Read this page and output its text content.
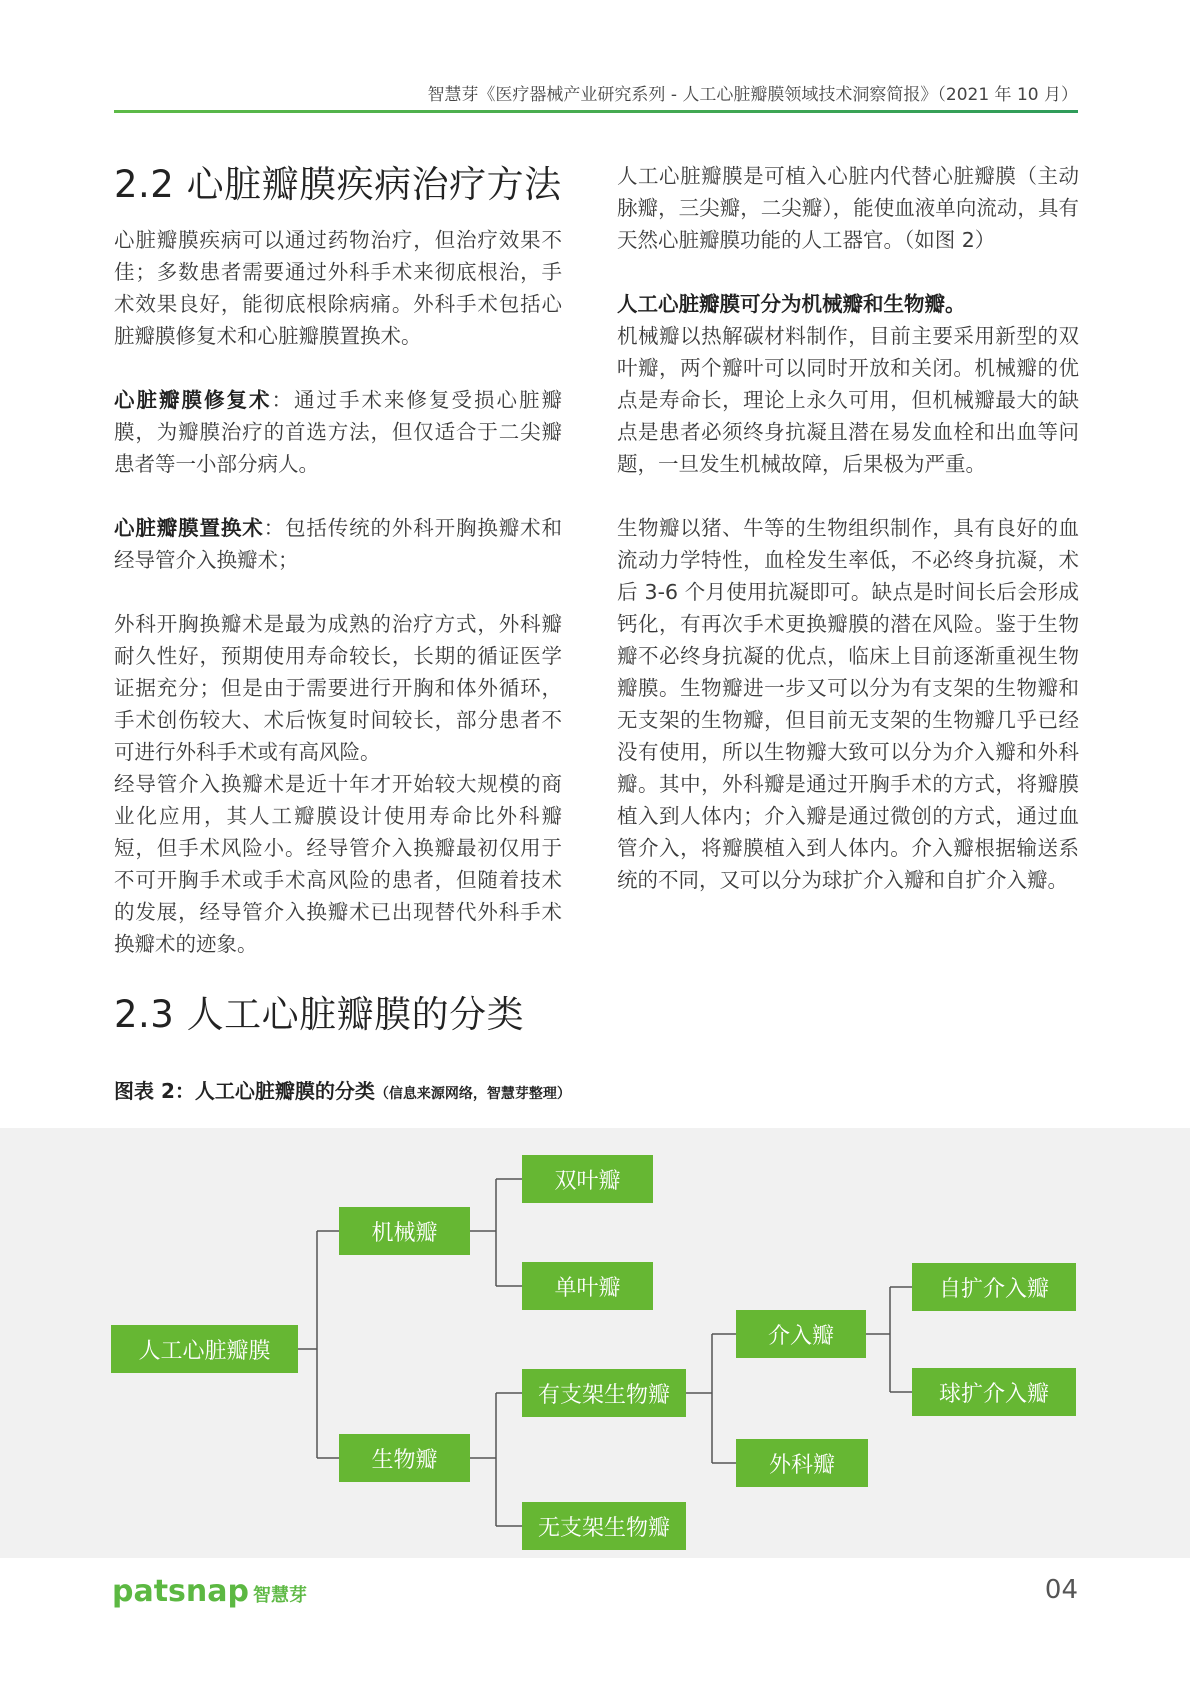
智慧芽《医疗器械产业研究系列 - 人工心脏瓣膜领域技术洞察简报》（2021 年 10 月）
2.2 心脏瓣膜疾病治疗方法

心脏瓣膜疾病可以通过药物治疗，但治疗效果不佳；多数患者需要通过外科手术来彻底根治，手术效果良好，能彻底根除病痛。外科手术包括心脏瓣膜修复术和心脏瓣膜置换术。

心脏瓣膜修复术：通过手术来修复受损心脏瓣膜，为瓣膜治疗的首选方法，但仅适合于二尖瓣患者等一小部分病人。

心脏瓣膜置换术：包括传统的外科开胸换瓣术和经导管介入换瓣术；

外科开胸换瓣术是最为成熟的治疗方式，外科瓣耐久性好，预期使用寿命较长，长期的循证医学证据充分；但是由于需要进行开胸和体外循环，手术创伤较大、术后恢复时间较长，部分患者不可进行外科手术或有高风险。

经导管介入换瓣术是近十年才开始较大规模的商业化应用，其人工瓣膜设计使用寿命比外科瓣短，但手术风险小。经导管介入换瓣最初仅用于不可开胸手术或手术高风险的患者，但随着技术的发展，经导管介入换瓣术已出现替代外科手术换瓣术的迹象。

人工心脏瓣膜是可植入心脏内代替心脏瓣膜（主动脉瓣，三尖瓣，二尖瓣），能使血液单向流动，具有天然心脏瓣膜功能的人工器官。（如图 2）

人工心脏瓣膜可分为机械瓣和生物瓣。

机械瓣以热解碳材料制作，目前主要采用新型的双叶瓣，两个瓣叶可以同时开放和关闭。机械瓣的优点是寿命长，理论上永久可用，但机械瓣最大的缺点是患者必须终身抗凝且潜在易发血栓和出血等问题，一旦发生机械故障，后果极为严重。

生物瓣以猪、牛等的生物组织制作，具有良好的血流动力学特性，血栓发生率低，不必终身抗凝，术后 3-6 个月使用抗凝即可。缺点是时间长后会形成钙化，有再次手术更换瓣膜的潜在风险。鉴于生物瓣不必终身抗凝的优点，临床上目前逐渐重视生物瓣膜。生物瓣进一步又可以分为有支架的生物瓣和无支架的生物瓣，但目前无支架的生物瓣几乎已经没有使用，所以生物瓣大致可以分为介入瓣和外科瓣。其中，外科瓣是通过开胸手术的方式，将瓣膜植入到人体内；介入瓣是通过微创的方式，通过血管介入，将瓣膜植入到人体内。介入瓣根据输送系统的不同，又可以分为球扩介入瓣和自扩介入瓣。

2.3 人工心脏瓣膜的分类
图表 2：人工心脏瓣膜的分类（信息来源网络，智慧芽整理）
人工心脏瓣膜
机械瓣
双叶瓣
单叶瓣
生物瓣
有支架生物瓣
无支架生物瓣
介入瓣
外科瓣
自扩介入瓣
球扩介入瓣
patsnap 智慧芽	04
